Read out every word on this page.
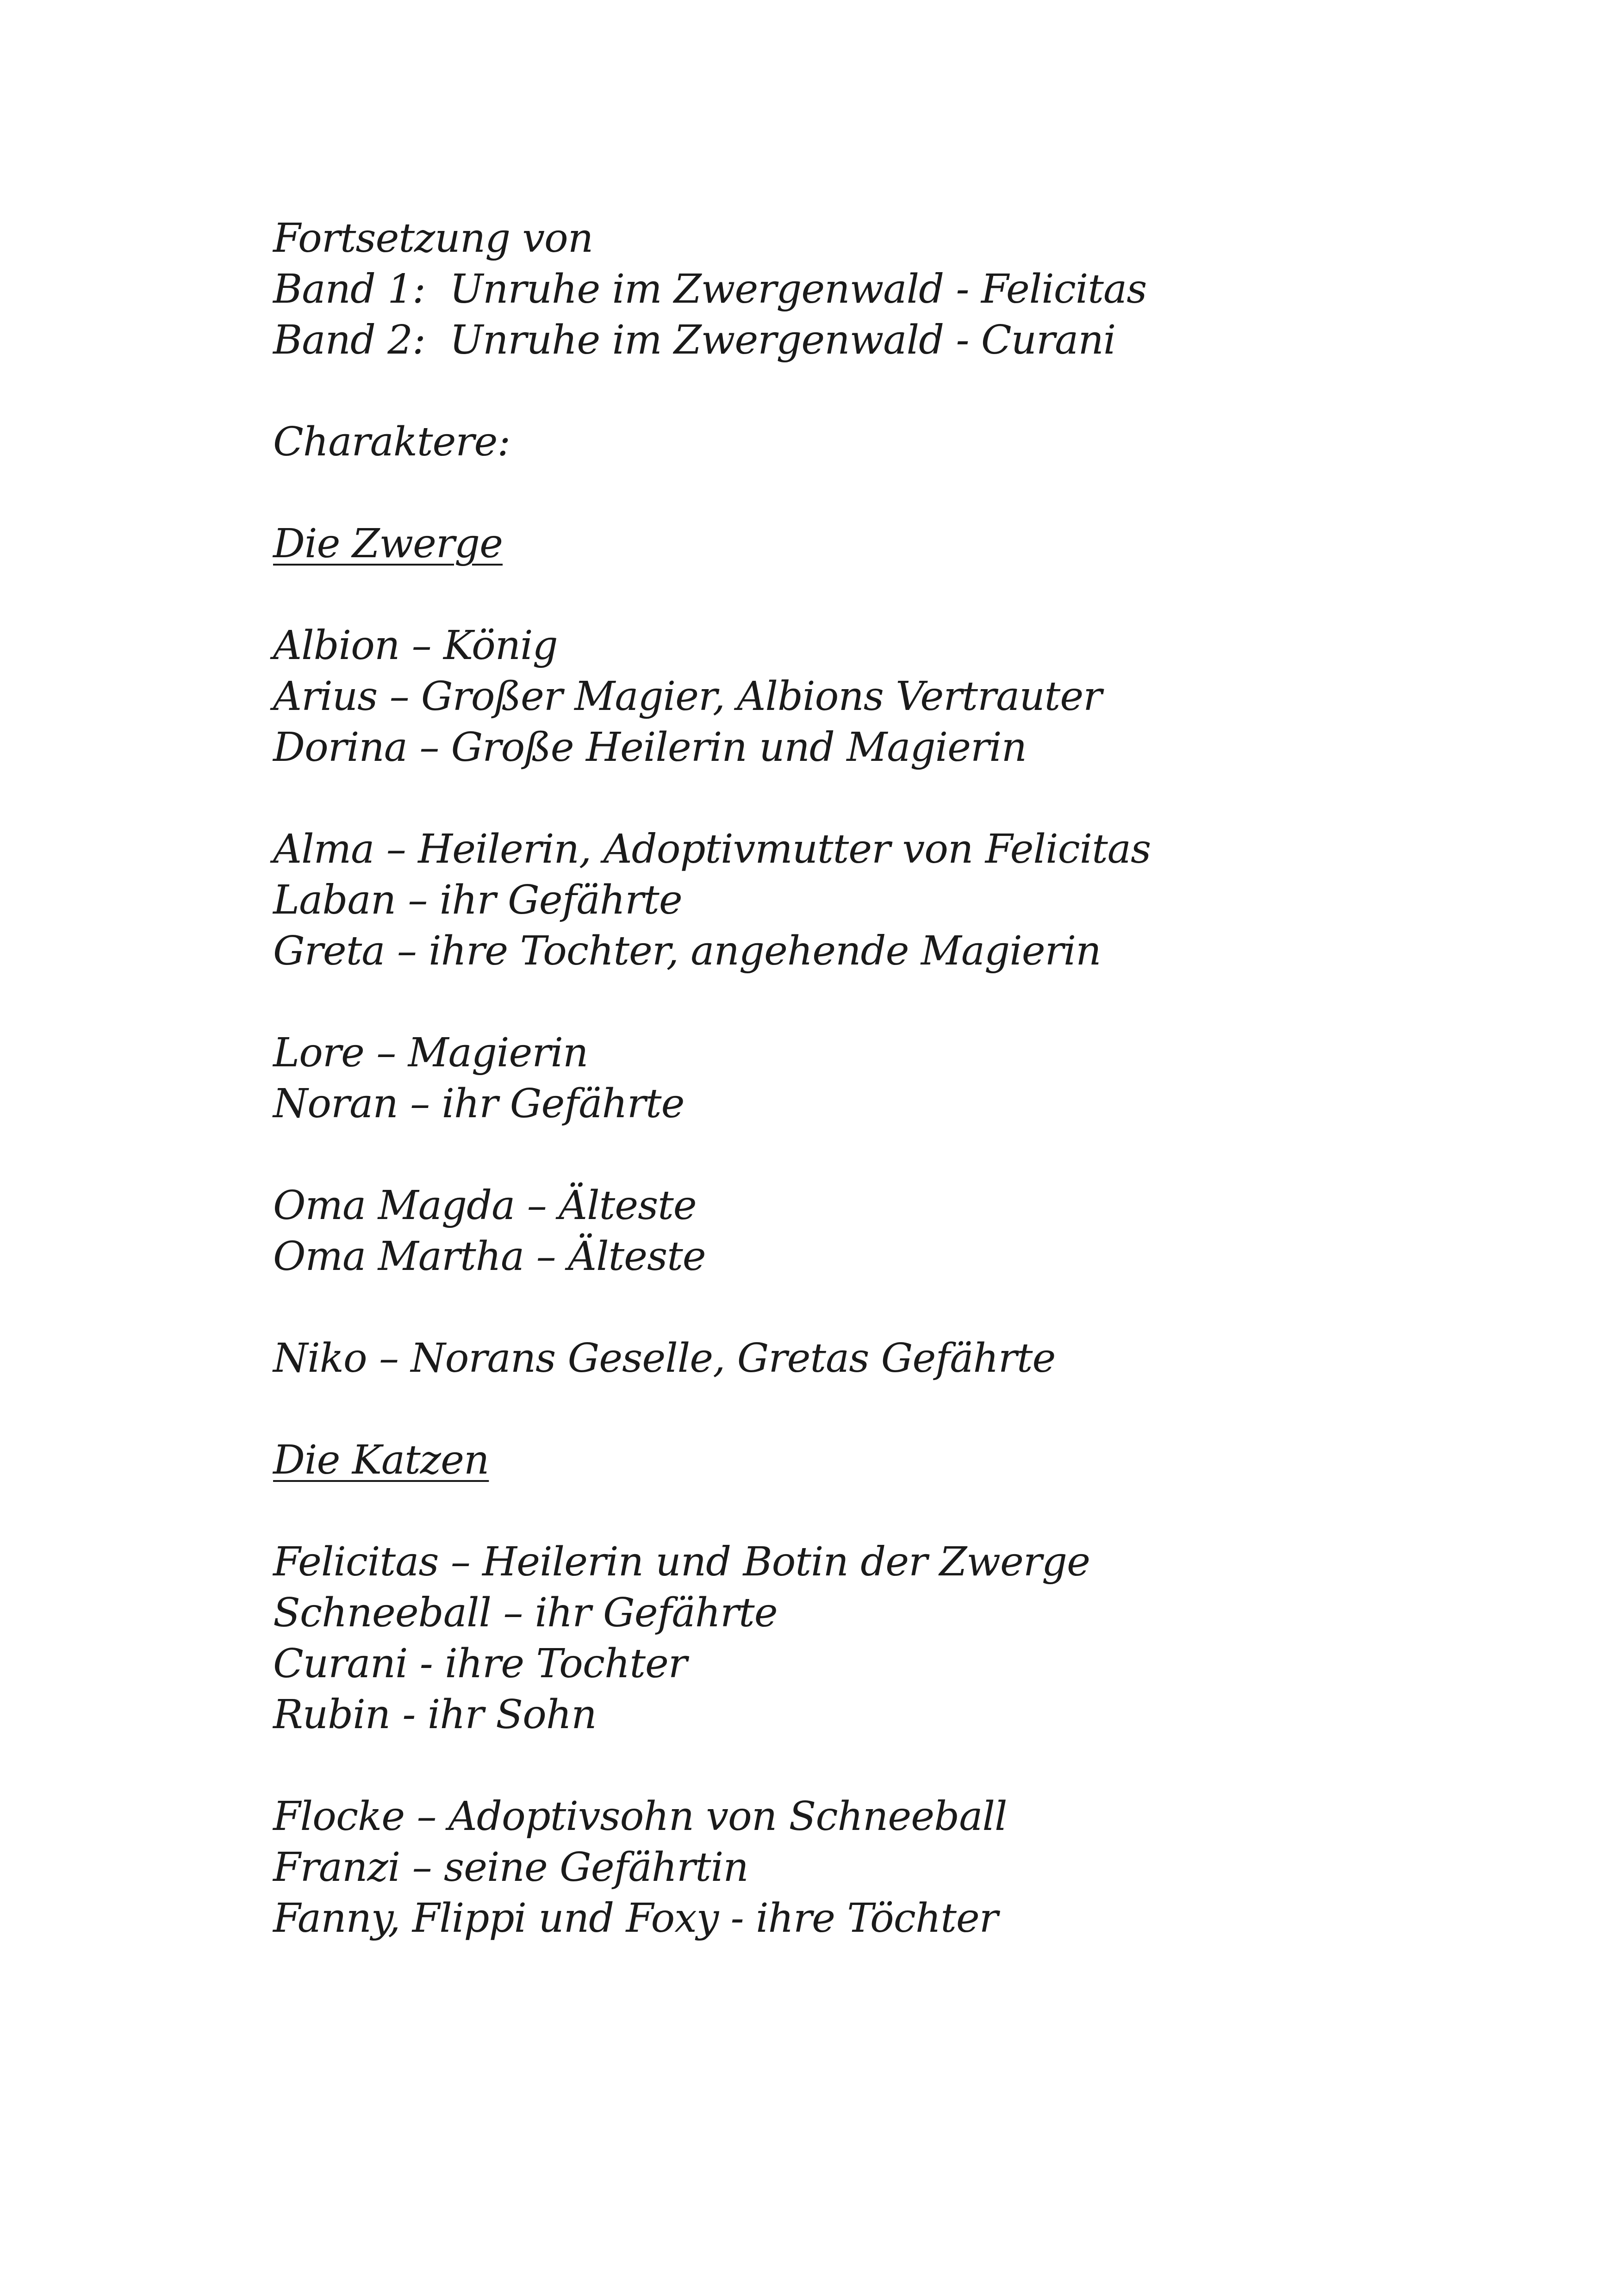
Fortsetzung von
Band 1:  Unruhe im Zwergenwald - Felicitas
Band 2:  Unruhe im Zwergenwald - Curani
Charaktere:
Die Zwerge
Albion – König
Arius – Großer Magier, Albions Vertrauter
Dorina – Große Heilerin und Magierin
Alma – Heilerin, Adoptivmutter von Felicitas
Laban – ihr Gefährte
Greta – ihre Tochter, angehende Magierin
Lore – Magierin
Noran – ihr Gefährte
Oma Magda – Älteste
Oma Martha – Älteste
Niko – Norans Geselle, Gretas Gefährte
Die Katzen
Felicitas – Heilerin und Botin der Zwerge
Schneeball – ihr Gefährte
Curani - ihre Tochter
Rubin - ihr Sohn
Flocke – Adoptivsohn von Schneeball
Franzi – seine Gefährtin
Fanny, Flippi und Foxy - ihre Töchter
